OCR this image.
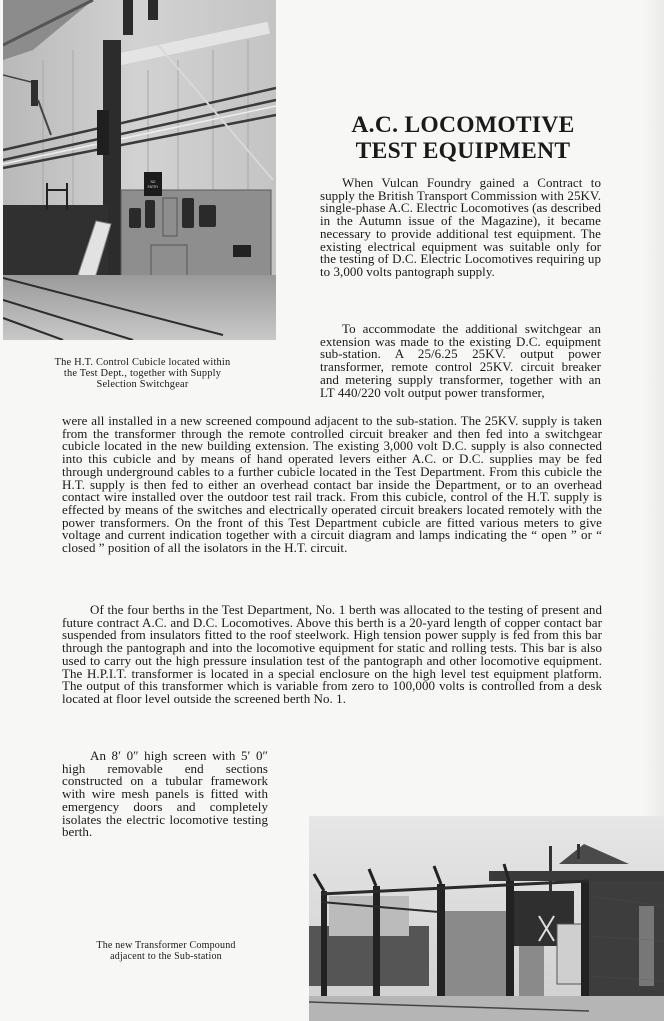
NO
ENTRY
The H.T. Control Cubicle located within
the Test Dept., together with Supply
Selection Switchgear
A.C. LOCOMOTIVE
TEST EQUIPMENT

When Vulcan Foundry gained a Contract to supply the British Transport Commission with 25KV. single-phase A.C. Electric Locomotives (as described in the Autumn issue of the Magazine), it became necessary to provide additional test equipment. The existing electrical equipment was suitable only for the testing of D.C. Electric Locomotives requiring up to 3,000 volts pantograph supply.

To accommodate the additional switchgear an extension was made to the existing D.C. equipment sub-station. A 25/6.25 25KV. output power transformer, remote control 25KV. circuit breaker and metering supply transformer, together with an LT 440/220 volt output power transformer,

were all installed in a new screened compound adjacent to the sub-station. The 25KV. supply is taken from the transformer through the remote controlled circuit breaker and then fed into a switchgear cubicle located in the new building extension. The existing 3,000 volt D.C. supply is also connected into this cubicle and by means of hand operated levers either A.C. or D.C. supplies may be fed through underground cables to a further cubicle located in the Test Department. From this cubicle the H.T. supply is then fed to either an overhead contact bar inside the Department, or to an overhead contact wire installed over the outdoor test rail track. From this cubicle, control of the H.T. supply is effected by means of the switches and electrically operated circuit breakers located remotely with the power transformers. On the front of this Test Department cubicle are fitted various meters to give voltage and current indication together with a circuit diagram and lamps indicating the “ open ” or “ closed ” position of all the isolators in the H.T. circuit.

Of the four berths in the Test Department, No. 1 berth was allocated to the testing of present and future contract A.C. and D.C. Locomotives. Above this berth is a 20-yard length of copper contact bar suspended from insulators fitted to the roof steelwork. High tension power supply is fed from this bar through the pantograph and into the locomotive equipment for static and rolling tests. This bar is also used to carry out the high pressure insulation test of the pantograph and other locomotive equipment. The H.P.I.T. transformer is located in a special enclosure on the high level test equipment platform. The output of this transformer which is variable from zero to 100,000 volts is controlled from a desk located at floor level outside the screened berth No. 1.

An 8′ 0″ high screen with 5′ 0″ high removable end sections constructed on a tubular framework with wire mesh panels is fitted with emergency doors and completely isolates the electric locomotive testing berth.

The new Transformer Compound
adjacent to the Sub-station
